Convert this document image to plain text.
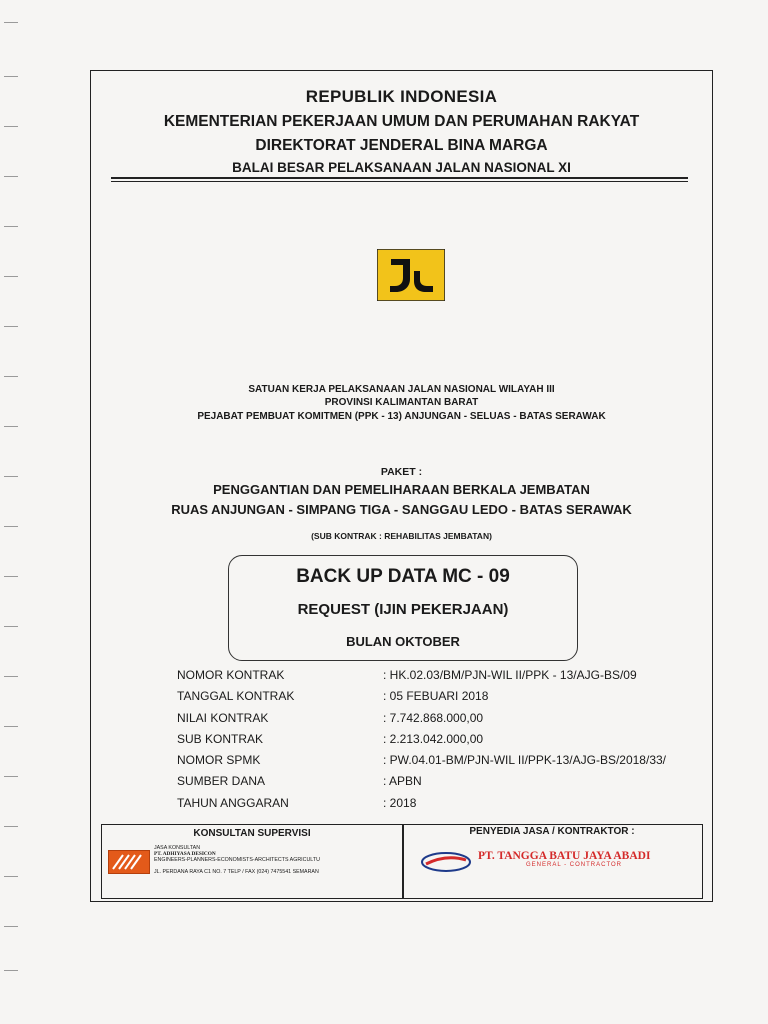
REPUBLIK INDONESIA
KEMENTERIAN PEKERJAAN UMUM DAN PERUMAHAN RAKYAT
DIREKTORAT JENDERAL BINA MARGA
BALAI BESAR PELAKSANAAN JALAN NASIONAL XI
SATUAN KERJA PELAKSANAAN JALAN NASIONAL WILAYAH III
PROVINSI KALIMANTAN BARAT
PEJABAT PEMBUAT KOMITMEN (PPK - 13) ANJUNGAN - SELUAS - BATAS SERAWAK
PAKET :
PENGGANTIAN DAN PEMELIHARAAN BERKALA JEMBATAN
RUAS ANJUNGAN - SIMPANG TIGA - SANGGAU LEDO - BATAS SERAWAK
(SUB KONTRAK : REHABILITAS JEMBATAN)
BACK UP DATA MC - 09
REQUEST (IJIN PEKERJAAN)
BULAN OKTOBER
NOMOR KONTRAK	: HK.02.03/BM/PJN-WIL II/PPK - 13/AJG-BS/09
TANGGAL KONTRAK	: 05 FEBUARI 2018
NILAI KONTRAK	: 7.742.868.000,00
SUB KONTRAK	: 2.213.042.000,00
NOMOR SPMK	: PW.04.01-BM/PJN-WIL II/PPK-13/AJG-BS/2018/33/
SUMBER DANA	: APBN
TAHUN ANGGARAN	: 2018
KONSULTAN SUPERVISI
JASA KONSULTAN
PT. ADHIYASA DESICON
ENGINEERS-PLANNERS-ECONOMISTS-ARCHITECTS AGRICULTU
JL. PERDANA RAYA C1 NO. 7 TELP / FAX (024) 7475541 SEMARAN
PENYEDIA JASA / KONTRAKTOR :
PT. TANGGA BATU JAYA ABADI
GENERAL - CONTRACTOR
